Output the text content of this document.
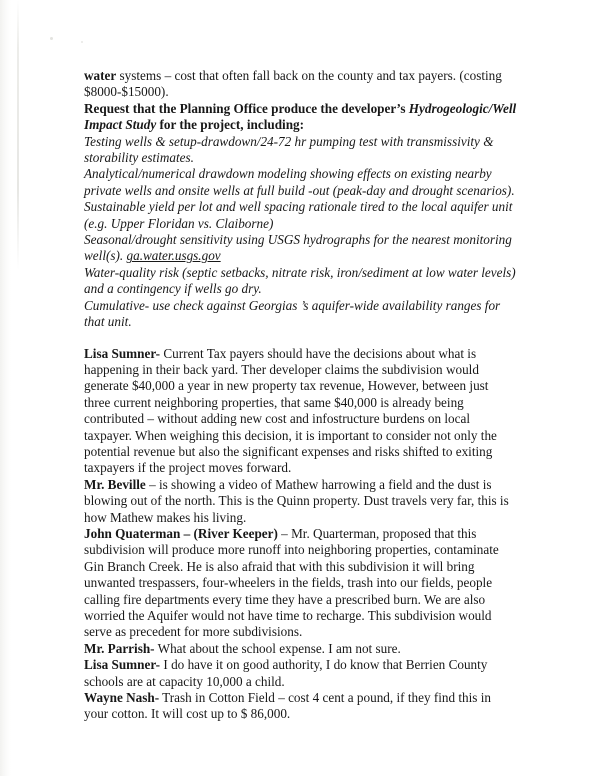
water systems – cost that often fall back on the county and tax payers. (costing $8000-$15000).

Request that the Planning Office produce the developer’s Hydrogeologic/Well Impact Study for the project, including:

Testing wells & setup-drawdown/24-72 hr pumping test with transmissivity & storability estimates.

Analytical/numerical drawdown modeling showing effects on existing nearby private wells and onsite wells at full build -out (peak-day and drought scenarios).

Sustainable yield per lot and well spacing rationale tired to the local aquifer unit (e.g. Upper Floridan vs. Claiborne)

Seasonal/drought sensitivity using USGS hydrographs for the nearest monitoring well(s). ga.water.usgs.gov

Water-quality risk (septic setbacks, nitrate risk, iron/sediment at low water levels) and a contingency if wells go dry.

Cumulative- use check against Georgias ’s aquifer-wide availability ranges for that unit.

Lisa Sumner- Current Tax payers should have the decisions about what is happening in their back yard. Ther developer claims the subdivision would generate $40,000 a year in new property tax revenue, However, between just three current neighboring properties, that same $40,000 is already being contributed – without adding new cost and infostructure burdens on local taxpayer. When weighing this decision, it is important to consider not only the potential revenue but also the significant expenses and risks shifted to exiting taxpayers if the project moves forward.

Mr. Beville – is showing a video of Mathew harrowing a field and the dust is blowing out of the north. This is the Quinn property. Dust travels very far, this is how Mathew makes his living.

John Quaterman – (River Keeper) – Mr. Quarterman, proposed that this subdivision will produce more runoff into neighboring properties, contaminate Gin Branch Creek. He is also afraid that with this subdivision it will bring unwanted trespassers, four-wheelers in the fields, trash into our fields, people calling fire departments every time they have a prescribed burn. We are also worried the Aquifer would not have time to recharge. This subdivision would serve as precedent for more subdivisions.

Mr. Parrish- What about the school expense. I am not sure.

Lisa Sumner- I do have it on good authority, I do know that Berrien County schools are at capacity 10,000 a child.

Wayne Nash- Trash in Cotton Field – cost 4 cent a pound, if they find this in your cotton. It will cost up to $ 86,000.
